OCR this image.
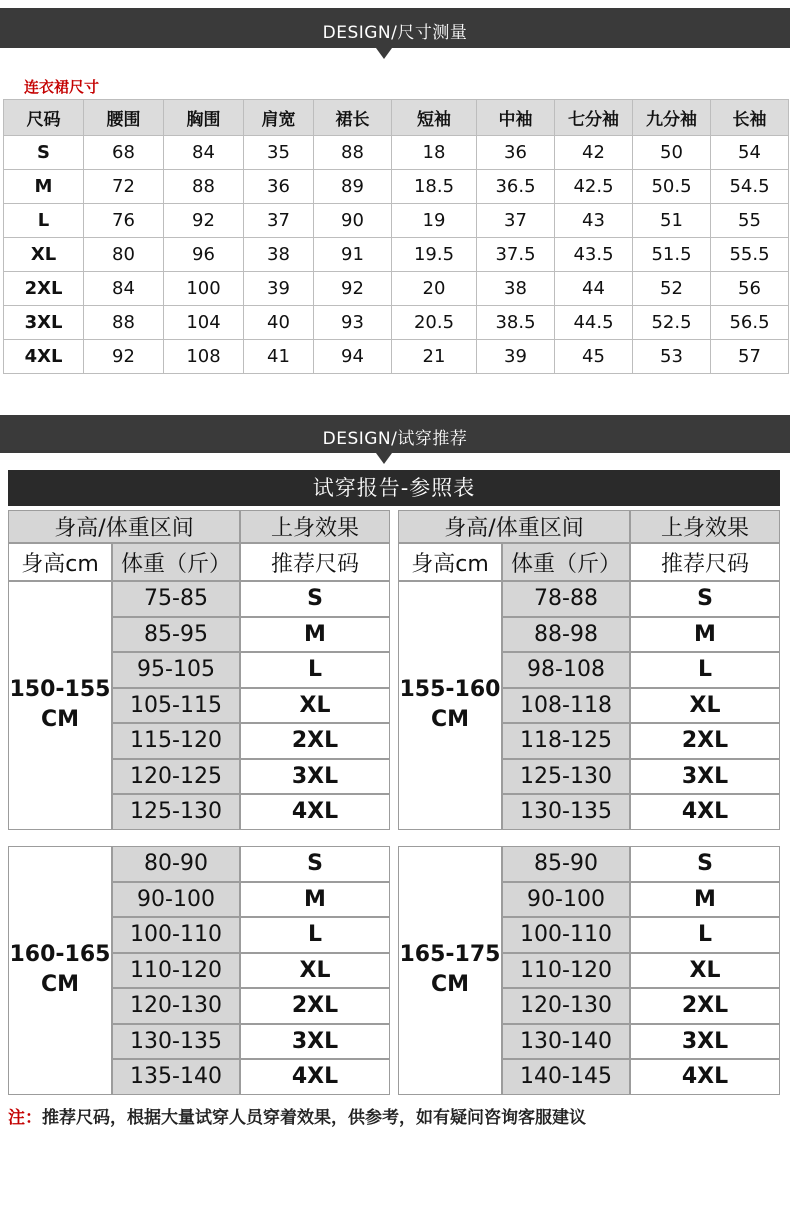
DESIGN/尺寸测量
连衣裙尺寸
尺码	腰围	胸围	肩宽	裙长	短袖	中袖	七分袖	九分袖	长袖
S	68	84	35	88	18	36	42	50	54
M	72	88	36	89	18.5	36.5	42.5	50.5	54.5
L	76	92	37	90	19	37	43	51	55
XL	80	96	38	91	19.5	37.5	43.5	51.5	55.5
2XL	84	100	39	92	20	38	44	52	56
3XL	88	104	40	93	20.5	38.5	44.5	52.5	56.5
4XL	92	108	41	94	21	39	45	53	57
DESIGN/试穿推荐
试穿报告-参照表
身高/体重区间	上身效果
身高cm	体重（斤）	推荐尺码
150-155
CM
75-85	S
85-95	M
95-105	L
105-115	XL
115-120	2XL
120-125	3XL
125-130	4XL
身高/体重区间	上身效果
身高cm	体重（斤）	推荐尺码
155-160
CM
78-88	S
88-98	M
98-108	L
108-118	XL
118-125	2XL
125-130	3XL
130-135	4XL
160-165
CM
80-90	S
90-100	M
100-110	L
110-120	XL
120-130	2XL
130-135	3XL
135-140	4XL
165-175
CM
85-90	S
90-100	M
100-110	L
110-120	XL
120-130	2XL
130-140	3XL
140-145	4XL
注：推荐尺码，根据大量试穿人员穿着效果，供参考，如有疑问咨询客服建议
